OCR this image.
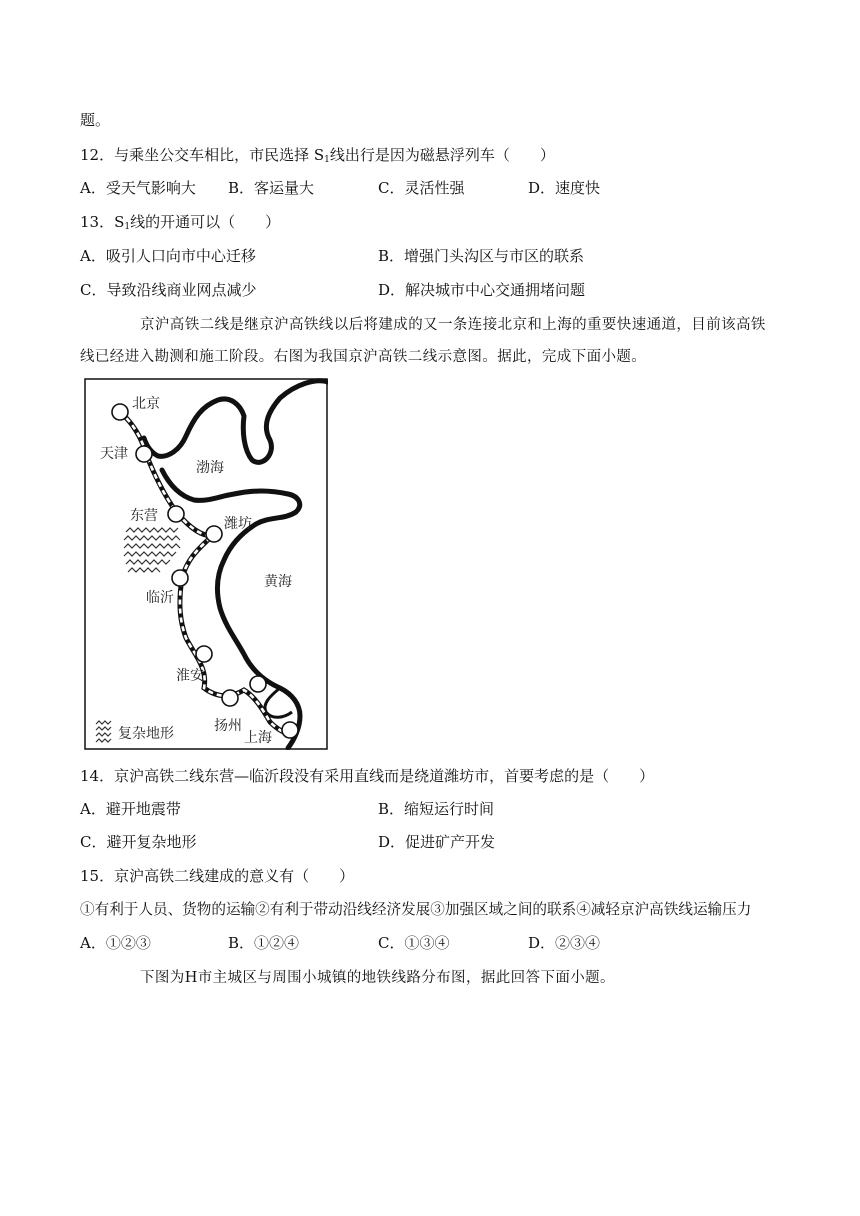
题。
12．与乘坐公交车相比，市民选择 $S_1$线出行是因为磁悬浮列车（　　）
A．受天气影响大 B．客运量大	C．灵活性强	D．速度快
13．$S_1$线的开通可以（　　）
A．吸引人口向市中心迁移	B．增强门头沟区与市区的联系
C．导致沿线商业网点减少	D．解决城市中心交通拥堵问题
京沪高铁二线是继京沪高铁线以后将建成的又一条连接北京和上海的重要快速通道，目前该高铁线已经进入勘测和施工阶段。右图为我国京沪高铁二线示意图。据此，完成下面小题。
北京
天津
东营	潍坊
临沂
淮安
扬州
上海
渤海
黄海
复杂地形
14．京沪高铁二线东营—临沂段没有采用直线而是绕道潍坊市，首要考虑的是（　　）
A．避开地震带	B．缩短运行时间
C．避开复杂地形	D．促进矿产开发
15．京沪高铁二线建成的意义有（　　）
①有利于人员、货物的运输②有利于带动沿线经济发展③加强区域之间的联系④减轻京沪高铁线运输压力
A．①②③	B．①②④	C．①③④	D．②③④
下图为H市主城区与周围小城镇的地铁线路分布图，据此回答下面小题。
